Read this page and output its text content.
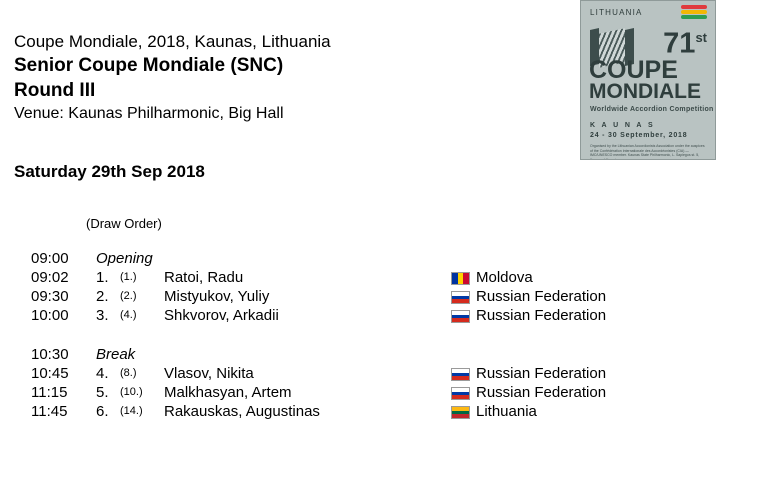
Coupe Mondiale, 2018, Kaunas, Lithuania
Senior Coupe Mondiale (SNC)
Round III
Venue: Kaunas Philharmonic, Big Hall
Saturday 29th Sep 2018
(Draw Order)
09:00	Opening
09:02	1.	(1.)	Ratoi, Radu	Moldova
09:30	2.	(2.)	Mistyukov, Yuliy	Russian Federation
10:00	3.	(4.)	Shkvorov, Arkadii	Russian Federation
10:30	Break
10:45	4.	(8.)	Vlasov, Nikita	Russian Federation
11:15	5.	(10.)	Malkhasyan, Artem	Russian Federation
11:45	6.	(14.)	Rakauskas, Augustinas	Lithuania
LITHUANIA
71st
COUPE
MONDIALE
Worldwide Accordion Competition
K A U N A S
24 - 30 September, 2018
Organised by the Lithuanian Accordionists Association under the auspices of the Confédération Internationale des Accordéonistes (CIA) — IMC/UNESCO member. Kaunas State Philharmonic, L. Sapiegos st. 5, Kaunas, Lithuania.
